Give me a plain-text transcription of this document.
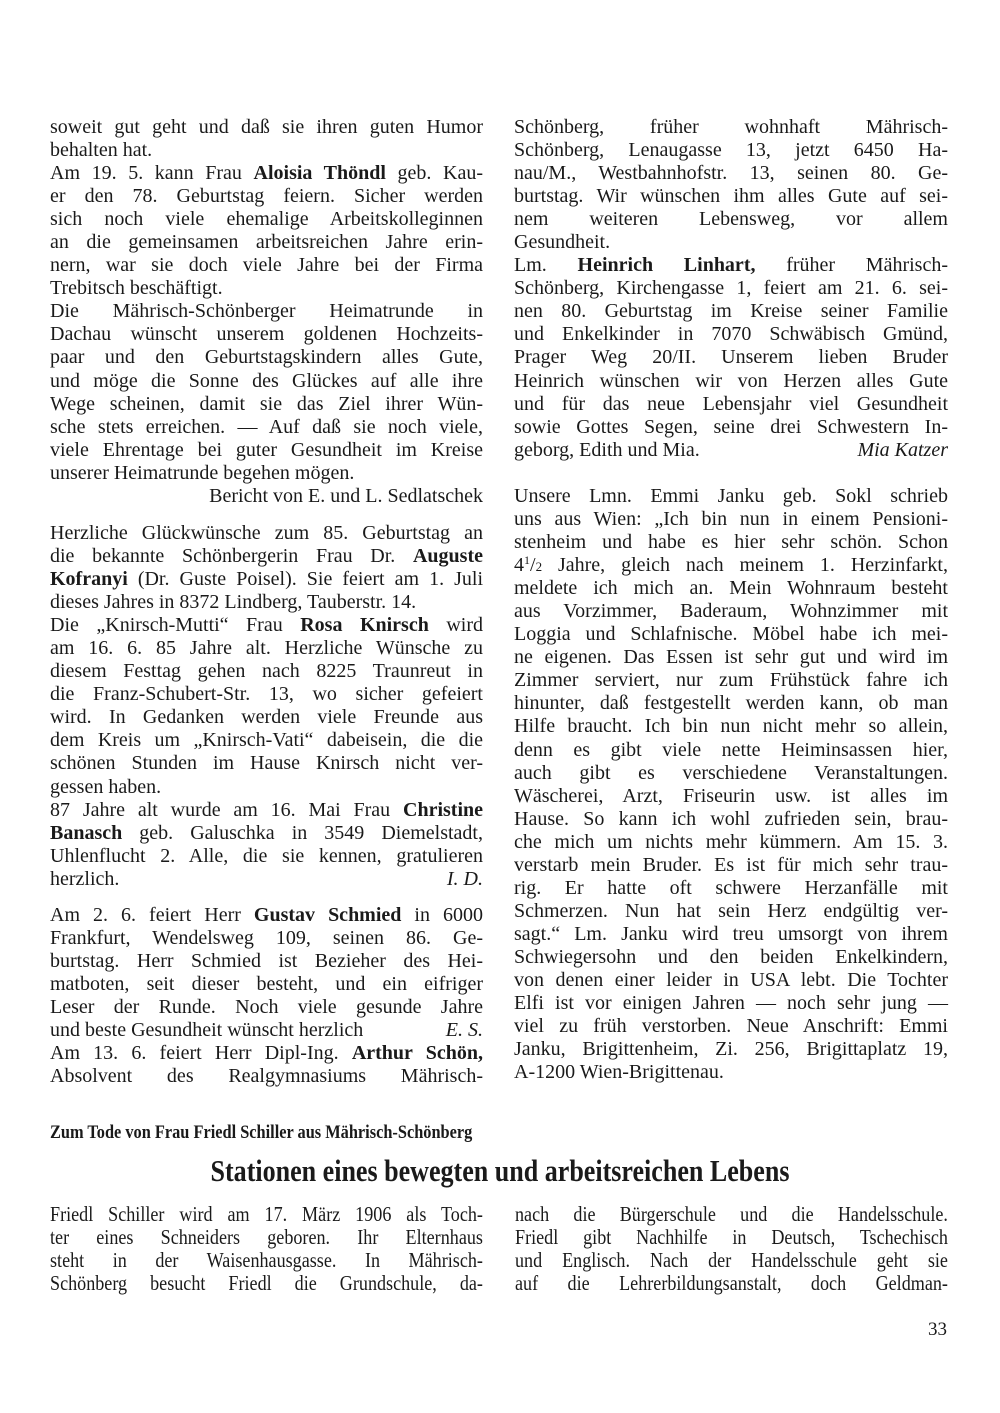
soweit gut geht und daß sie ihren guten Humor
behalten hat.
Am 19. 5. kann Frau Aloisia Thöndl geb. Kau-
er den 78. Geburtstag feiern. Sicher werden
sich noch viele ehemalige Arbeitskolleginnen
an die gemeinsamen arbeitsreichen Jahre erin-
nern, war sie doch viele Jahre bei der Firma
Trebitsch beschäftigt.
Die Mährisch-Schönberger Heimatrunde in
Dachau wünscht unserem goldenen Hochzeits-
paar und den Geburtstagskindern alles Gute,
und möge die Sonne des Glückes auf alle ihre
Wege scheinen, damit sie das Ziel ihrer Wün-
sche stets erreichen. — Auf daß sie noch viele,
viele Ehrentage bei guter Gesundheit im Kreise
unserer Heimatrunde begehen mögen.
Bericht von E. und L. Sedlatschek
Herzliche Glückwünsche zum 85. Geburtstag an
die bekannte Schönbergerin Frau Dr. Auguste
Kofranyi (Dr. Guste Poisel). Sie feiert am 1. Juli
dieses Jahres in 8372 Lindberg, Tauberstr. 14.
Die „Knirsch-Mutti“ Frau Rosa Knirsch wird
am 16. 6. 85 Jahre alt. Herzliche Wünsche zu
diesem Festtag gehen nach 8225 Traunreut in
die Franz-Schubert-Str. 13, wo sicher gefeiert
wird. In Gedanken werden viele Freunde aus
dem Kreis um „Knirsch-Vati“ dabeisein, die die
schönen Stunden im Hause Knirsch nicht ver-
gessen haben.
87 Jahre alt wurde am 16. Mai Frau Christine
Banasch geb. Galuschka in 3549 Diemelstadt,
Uhlenflucht 2. Alle, die sie kennen, gratulieren
I. D.
herzlich.
Am 2. 6. feiert Herr Gustav Schmied in 6000
Frankfurt, Wendelsweg 109, seinen 86. Ge-
burtstag. Herr Schmied ist Bezieher des Hei-
matboten, seit dieser besteht, und ein eifriger
Leser der Runde. Noch viele gesunde Jahre
E. S.
und beste Gesundheit wünscht herzlich
Am 13. 6. feiert Herr Dipl-Ing. Arthur Schön,
Absolvent des Realgymnasiums Mährisch-
Schönberg, früher wohnhaft Mährisch-
Schönberg, Lenaugasse 13, jetzt 6450 Ha-
nau/M., Westbahnhofstr. 13, seinen 80. Ge-
burtstag. Wir wünschen ihm alles Gute auf sei-
nem weiteren Lebensweg, vor allem
Gesundheit.
Lm. Heinrich Linhart, früher Mährisch-
Schönberg, Kirchengasse 1, feiert am 21. 6. sei-
nen 80. Geburtstag im Kreise seiner Familie
und Enkelkinder in 7070 Schwäbisch Gmünd,
Prager Weg 20/II. Unserem lieben Bruder
Heinrich wünschen wir von Herzen alles Gute
und für das neue Lebensjahr viel Gesundheit
sowie Gottes Segen, seine drei Schwestern In-
Mia Katzer
geborg, Edith und Mia.
Unsere Lmn. Emmi Janku geb. Sokl schrieb
uns aus Wien: „Ich bin nun in einem Pensioni-
stenheim und habe es hier sehr schön. Schon
$4^1/2$ Jahre, gleich nach meinem 1. Herzinfarkt,
meldete ich mich an. Mein Wohnraum besteht
aus Vorzimmer, Baderaum, Wohnzimmer mit
Loggia und Schlafnische. Möbel habe ich mei-
ne eigenen. Das Essen ist sehr gut und wird im
Zimmer serviert, nur zum Frühstück fahre ich
hinunter, daß festgestellt werden kann, ob man
Hilfe braucht. Ich bin nun nicht mehr so allein,
denn es gibt viele nette Heiminsassen hier,
auch gibt es verschiedene Veranstaltungen.
Wäscherei, Arzt, Friseurin usw. ist alles im
Hause. So kann ich wohl zufrieden sein, brau-
che mich um nichts mehr kümmern. Am 15. 3.
verstarb mein Bruder. Es ist für mich sehr trau-
rig. Er hatte oft schwere Herzanfälle mit
Schmerzen. Nun hat sein Herz endgültig ver-
sagt.“ Lm. Janku wird treu umsorgt von ihrem
Schwiegersohn und den beiden Enkelkindern,
von denen einer leider in USA lebt. Die Tochter
Elfi ist vor einigen Jahren — noch sehr jung —
viel zu früh verstorben. Neue Anschrift: Emmi
Janku, Brigittenheim, Zi. 256, Brigittaplatz 19,
A-1200 Wien-Brigittenau.
Zum Tode von Frau Friedl Schiller aus Mährisch-Schönberg
Stationen eines bewegten und arbeitsreichen Lebens
Friedl Schiller wird am 17. März 1906 als Toch-
ter eines Schneiders geboren. Ihr Elternhaus
steht in der Waisenhausgasse. In Mährisch-
Schönberg besucht Friedl die Grundschule, da-
nach die Bürgerschule und die Handelsschule.
Friedl gibt Nachhilfe in Deutsch, Tschechisch
und Englisch. Nach der Handelsschule geht sie
auf die Lehrerbildungsanstalt, doch Geldman-
33
